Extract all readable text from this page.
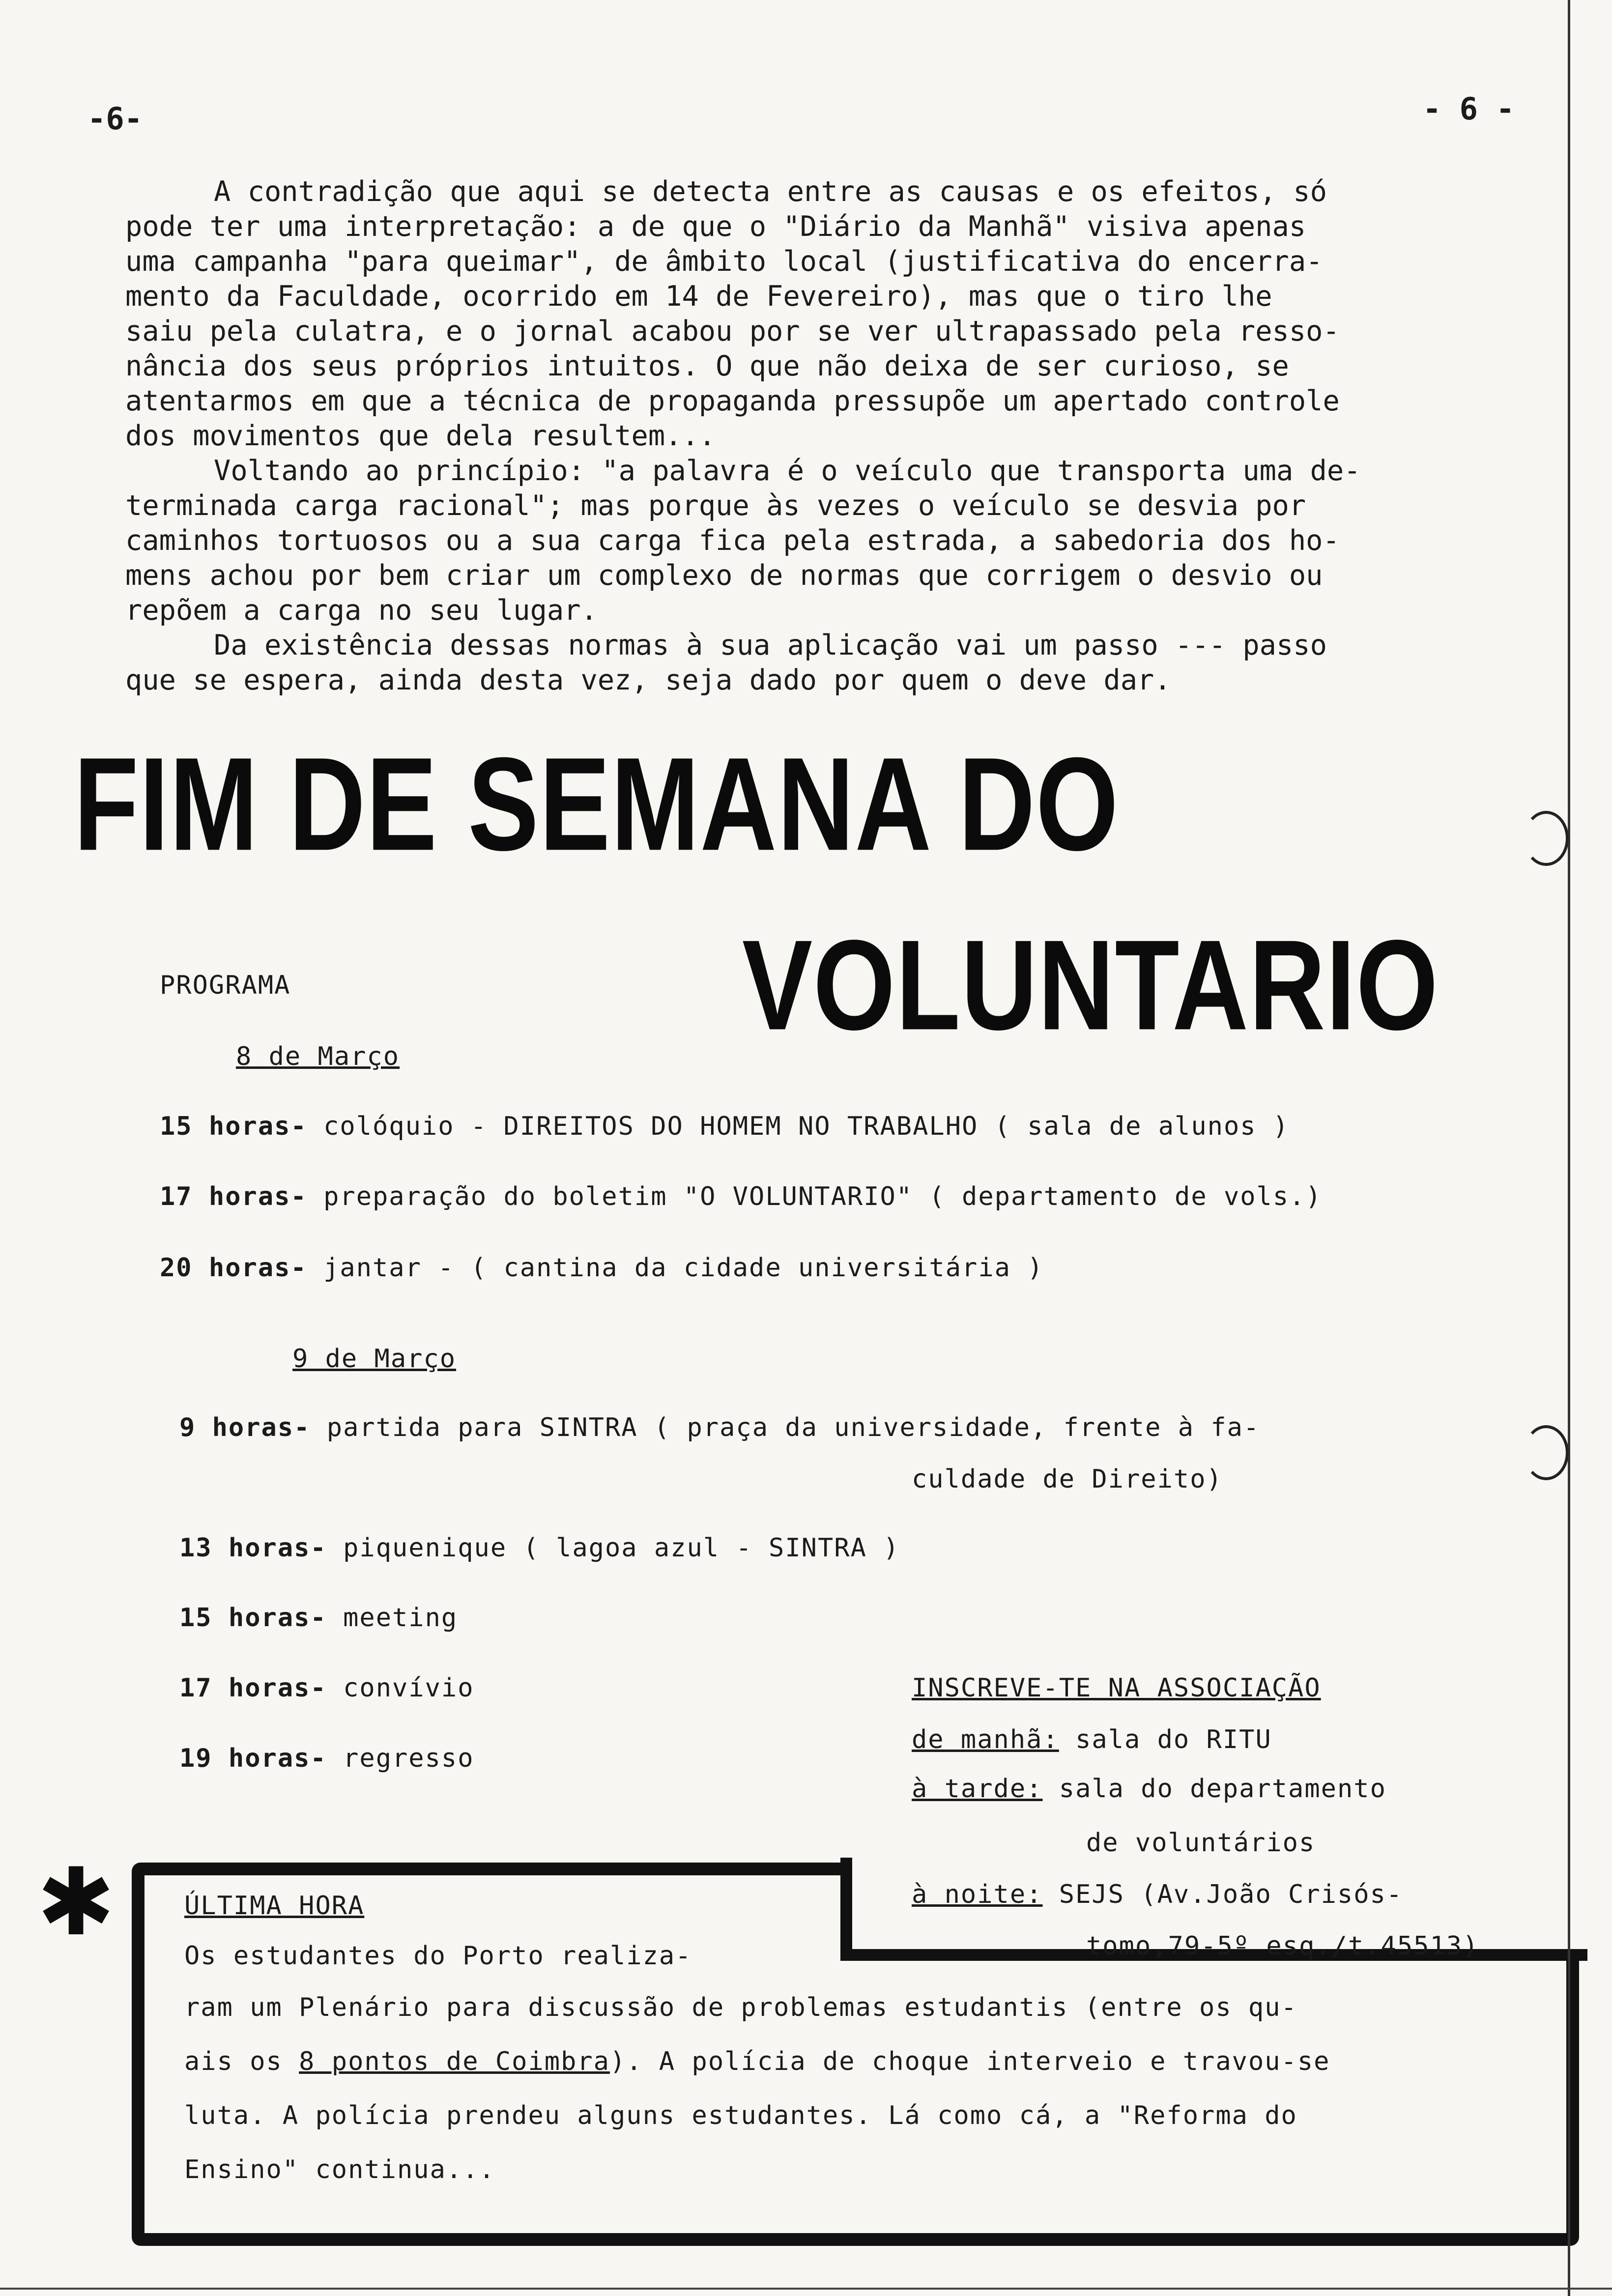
-6-	- 6 -
A contradição que aqui se detecta entre as causas e os efeitos, só
pode ter uma interpretação: a de que o "Diário da Manhã" visiva apenas
uma campanha "para queimar", de âmbito local (justificativa do encerra-
mento da Faculdade, ocorrido em 14 de Fevereiro), mas que o tiro lhe
saiu pela culatra, e o jornal acabou por se ver ultrapassado pela resso-
nância dos seus próprios intuitos. O que não deixa de ser curioso, se
atentarmos em que a técnica de propaganda pressupõe um apertado controle
dos movimentos que dela resultem...
Voltando ao princípio: "a palavra é o veículo que transporta uma de-
terminada carga racional"; mas porque às vezes o veículo se desvia por
caminhos tortuosos ou a sua carga fica pela estrada, a sabedoria dos ho-
mens achou por bem criar um complexo de normas que corrigem o desvio ou
repõem a carga no seu lugar.
Da existência dessas normas à sua aplicação vai um passo --- passo
que se espera, ainda desta vez, seja dado por quem o deve dar.
FIM DE SEMANA DO
VOLUNTARIO
PROGRAMA
8 de Março
15 horas- colóquio - DIREITOS DO HOMEM NO TRABALHO ( sala de alunos )
17 horas- preparação do boletim "O VOLUNTARIO" ( departamento de vols.)
20 horas- jantar - ( cantina da cidade universitária )
9 de Março
9 horas- partida para SINTRA ( praça da universidade, frente à fa-
culdade de Direito)
13 horas- piquenique ( lagoa azul - SINTRA )
15 horas- meeting
17 horas- convívio
19 horas- regresso
INSCREVE-TE NA ASSOCIAÇÃO
de manhã: sala do RITU
à tarde: sala do departamento
de voluntários
à noite: SEJS (Av.João Crisós-
tomo,79-5º esq./t.45513)
✱	ÚLTIMA HORA
Os estudantes do Porto realiza-
ram um Plenário para discussão de problemas estudantis (entre os qu-
ais os 8 pontos de Coimbra). A polícia de choque interveio e travou-se
luta. A polícia prendeu alguns estudantes. Lá como cá, a "Reforma do
Ensino" continua...
